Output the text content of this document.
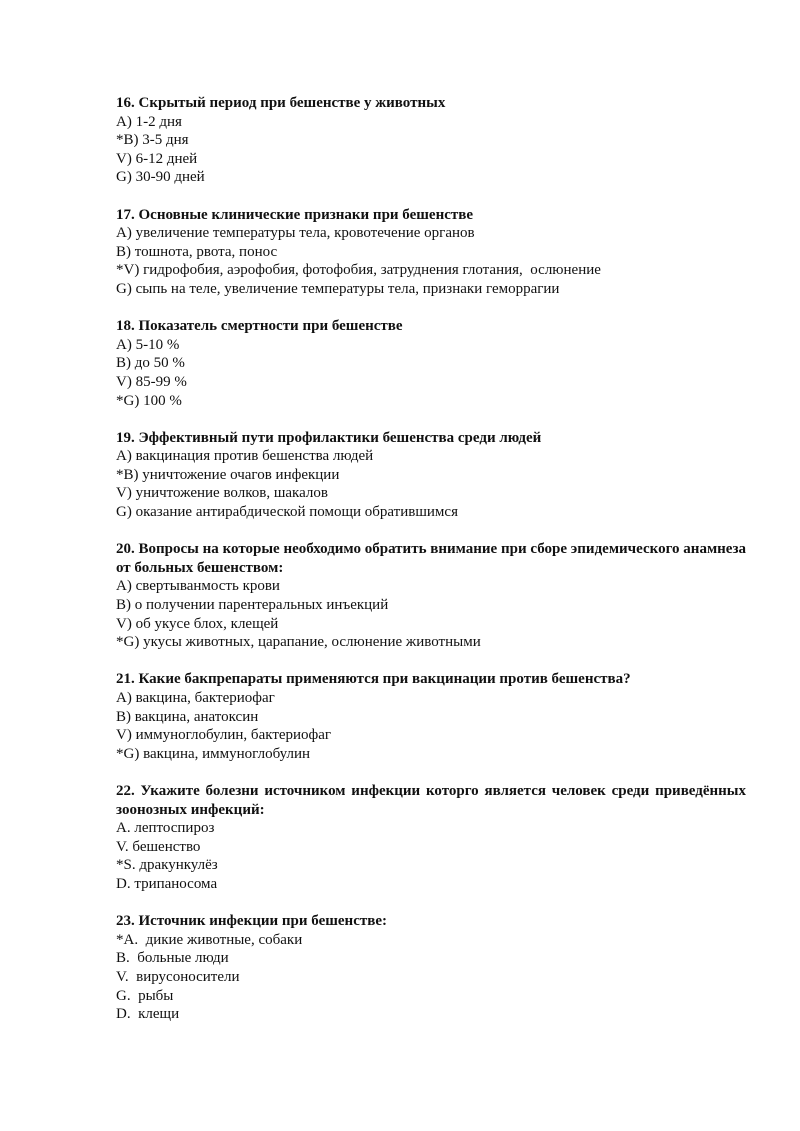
16. Скрытый период при бешенстве у животных
А) 1-2 дня
*B) 3-5 дня
V) 6-12 дней
G) 30-90 дней
17. Основные клинические признаки при бешенстве
А) увеличение температуры тела, кровотечение органов
B) тошнота, рвота, понос
*V) гидрофобия, аэрофобия, фотофобия, затруднения глотания,  ослюнение
G) сыпь на теле, увеличение температуры тела, признаки геморрагии
18. Показатель смертности при бешенстве
А) 5-10 %
B) до 50 %
V) 85-99 %
*G) 100 %
19. Эффективный пути профилактики бешенства среди людей
А) вакцинация против бешенства людей
*B) уничтожение очагов инфекции
V) уничтожение волков, шакалов
G) оказание антирабдической помощи обратившимся
20. Вопросы на которые необходимо обратить внимание при сборе эпидемического анамнеза от больных бешенством:
А) свертыванмость крови
B) о получении парентеральных инъекций
V) об укусе блох, клещей
*G) укусы животных, царапание, ослюнение животными
21. Какие бакпрепараты применяются при вакцинации против бешенства?
А) вакцина, бактериофаг
B) вакцина, анатоксин
V) иммуноглобулин, бактериофаг
*G) вакцина, иммуноглобулин
22. Укажите болезни источником инфекции которго является человек среди приведённых зоонозных инфекций:
A. лептоспироз
V. бешенство
*S. дракункулёз
D. трипаносома
23. Источник инфекции при бешенстве:
*A.  дикие животные, собаки
B.  больные люди
V.  вирусоносители
G.  рыбы
D.  клещи
